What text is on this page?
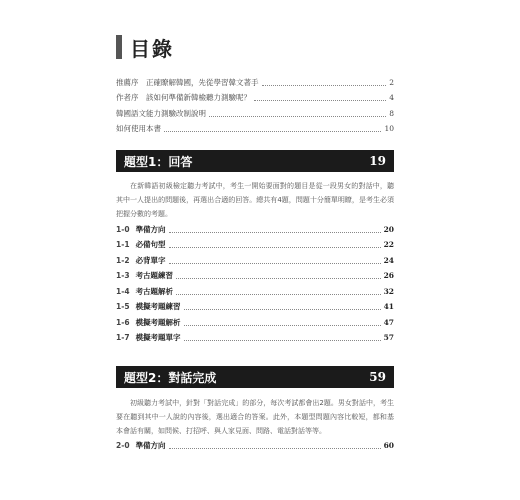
目錄
推薦序　正確瞭解韓國，先從學習韓文著手	2
作者序　該如何準備新韓檢聽力測驗呢？	4
韓國語文能力測驗改制說明	8
如何使用本書	10
題型1：回答	19
在新韓語初級檢定聽力考試中，考生一開始要面對的題目是從一段男女的對話中，聽其中一人提出的問題後，再選出合適的回答。總共有4題，問題十分簡單明瞭，是考生必須把握分數的考題。
1-0 準備方向	20
1-1 必備句型	22
1-2 必背單字	24
1-3 考古題練習	26
1-4 考古題解析	32
1-5 模擬考題練習	41
1-6 模擬考題解析	47
1-7 模擬考題單字	57
題型2：對話完成	59
初級聽力考試中，針對「對話完成」的部分，每次考試都會出2題。男女對話中，考生要在聽到其中一人說的內容後，選出適合的答案。此外，本題型問題內容比較短，都和基本會話有關，如問候、打招呼、與人家見面、問路、電話對話等等。
2-0 準備方向	60
